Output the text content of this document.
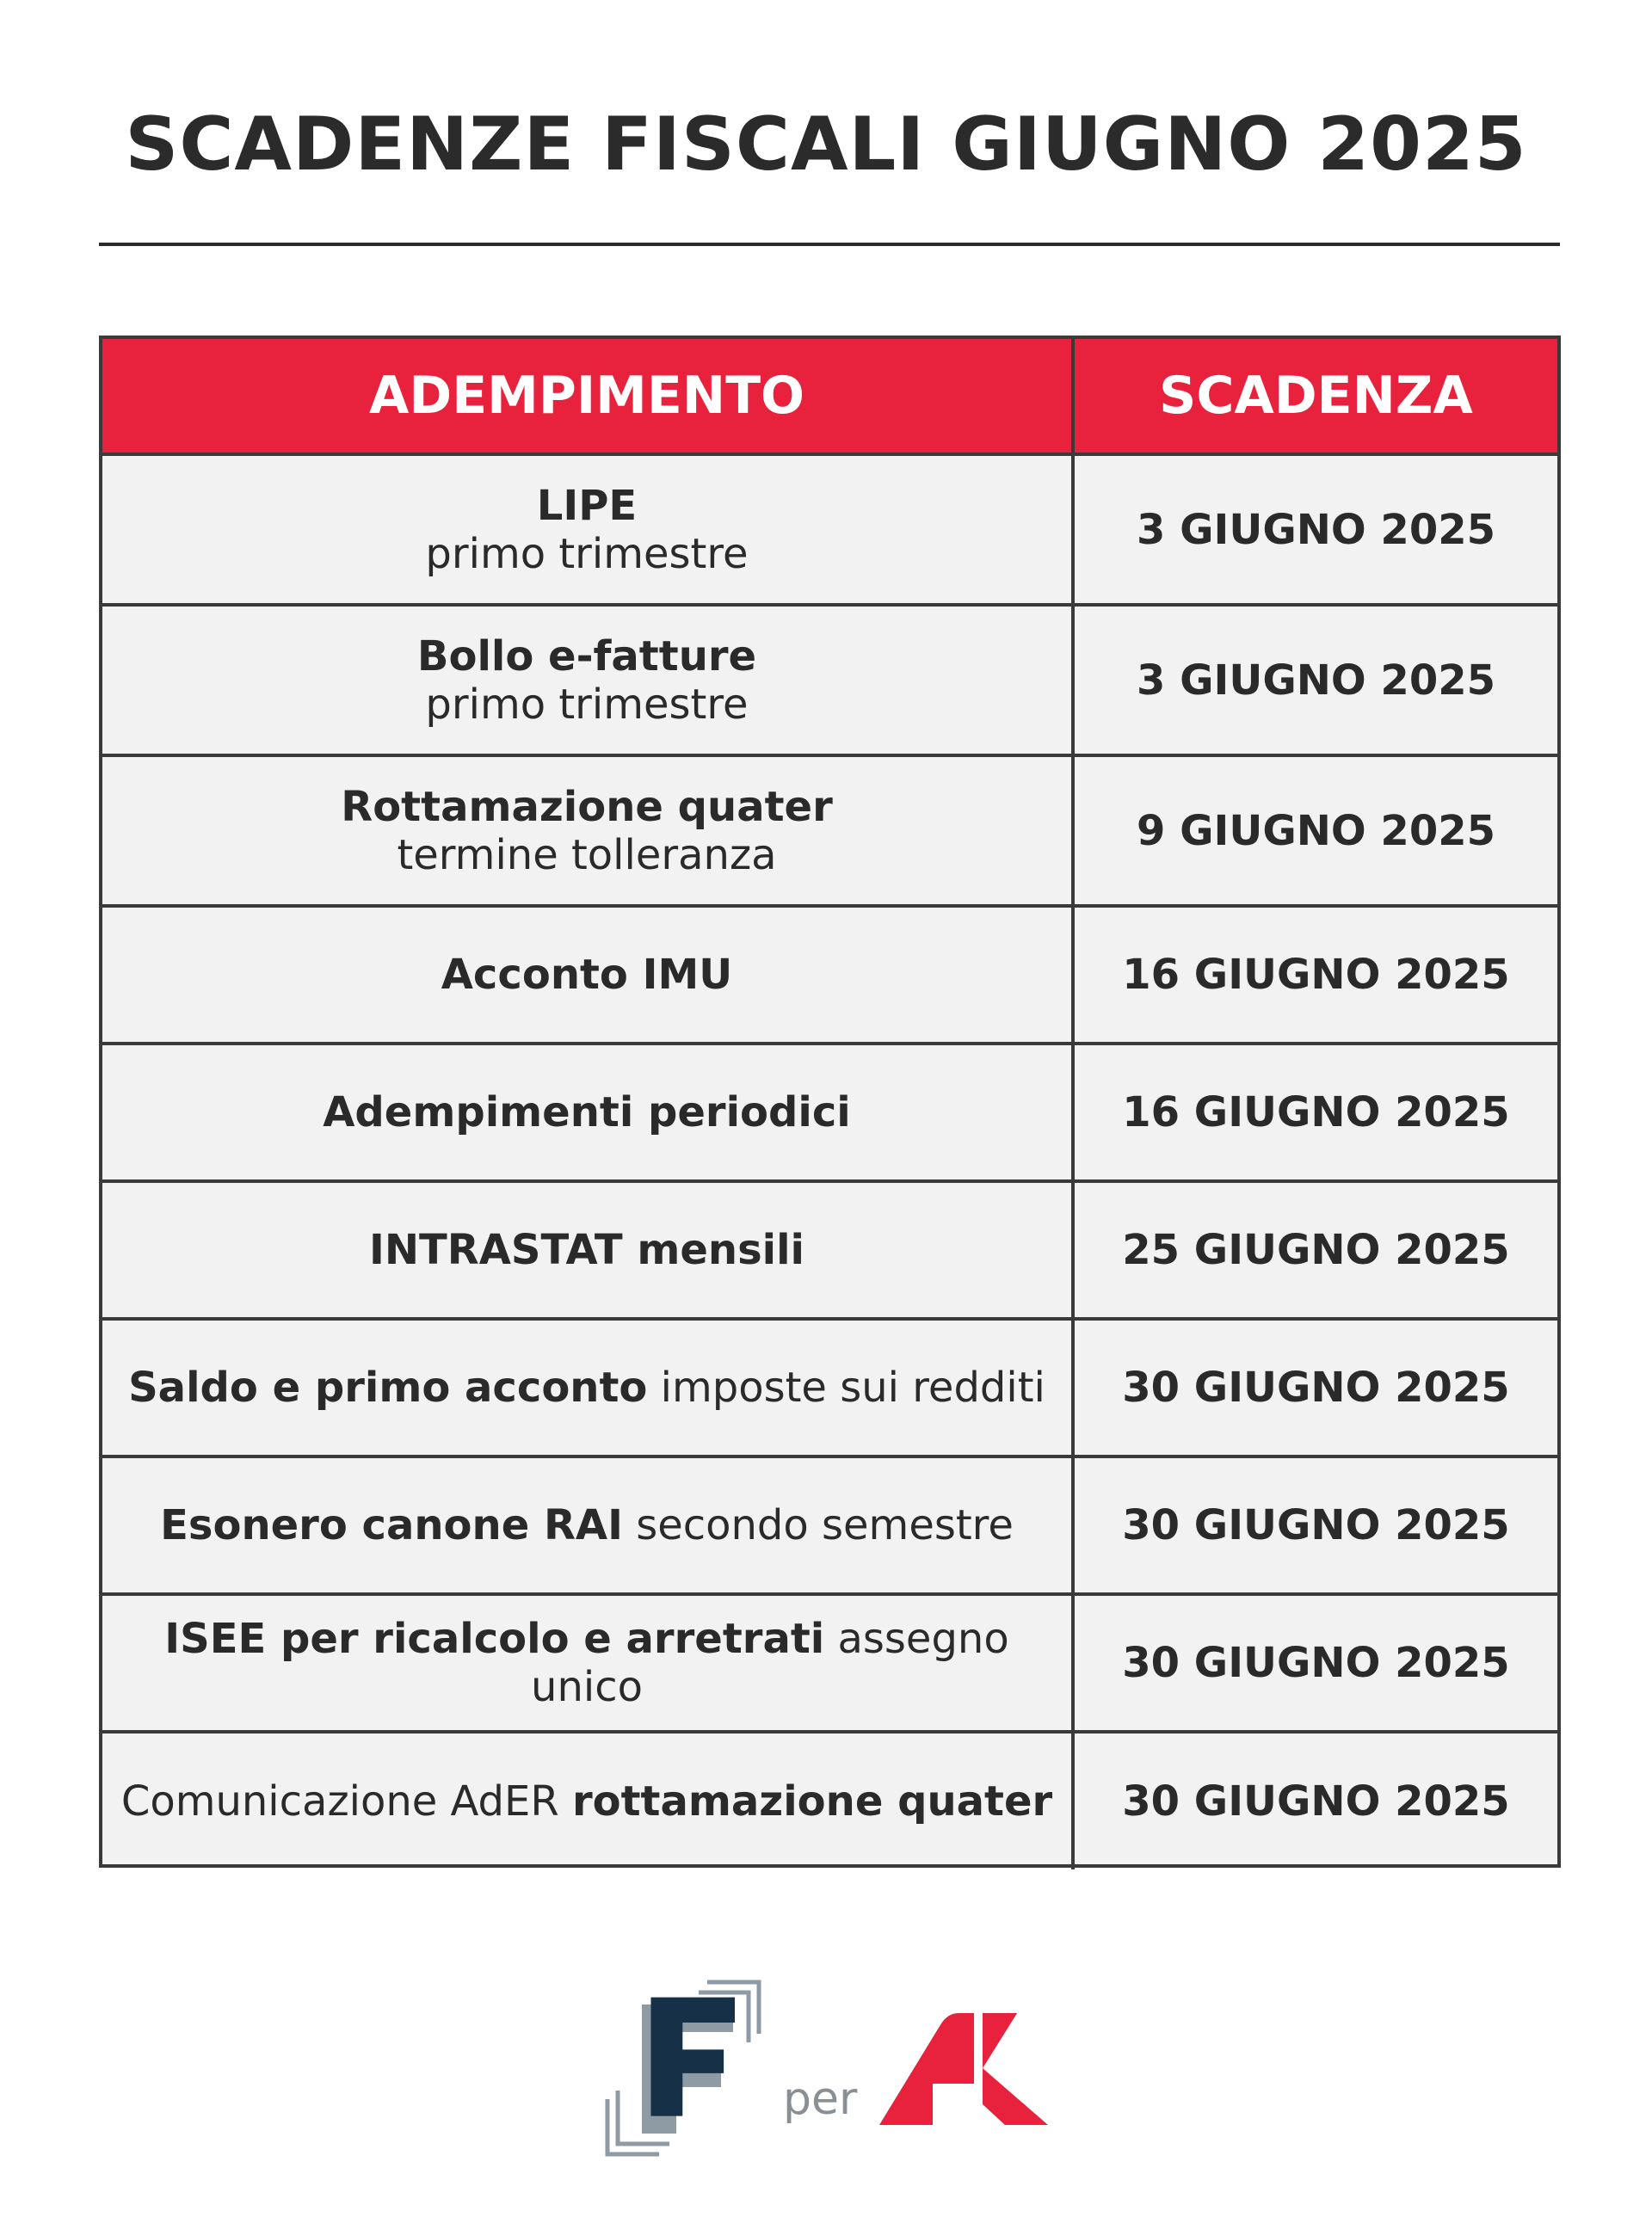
SCADENZE FISCALI GIUGNO 2025
ADEMPIMENTO	SCADENZA
LIPE
primo trimestre	3 GIUGNO 2025
Bollo e-fatture
primo trimestre	3 GIUGNO 2025
Rottamazione quater
termine tolleranza	9 GIUGNO 2025
Acconto IMU	16 GIUGNO 2025
Adempimenti periodici	16 GIUGNO 2025
INTRASTAT mensili	25 GIUGNO 2025
Saldo e primo acconto imposte sui redditi	30 GIUGNO 2025
Esonero canone RAI secondo semestre	30 GIUGNO 2025
ISEE per ricalcolo e arretrati assegno unico	30 GIUGNO 2025
Comunicazione AdER rottamazione quater	30 GIUGNO 2025
per
